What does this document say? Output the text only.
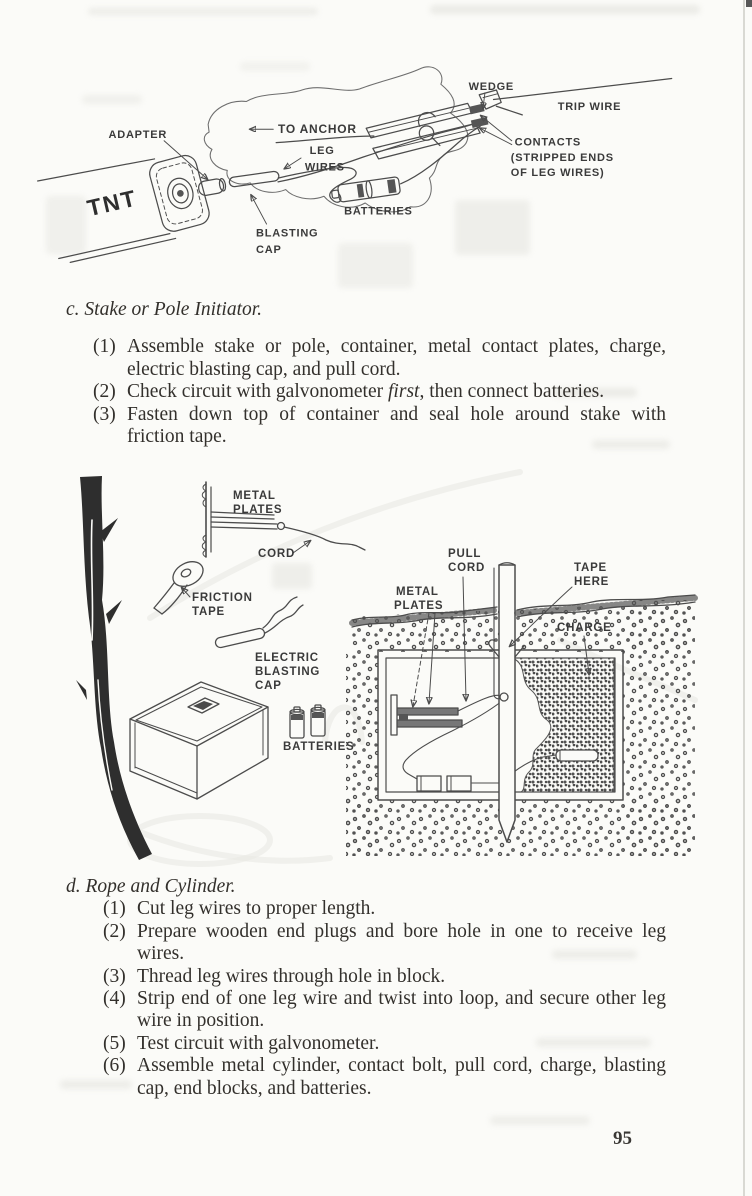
TNT
ADAPTER	TO ANCHOR
LEG
WIRES
WEDGE
TRIP WIRE
CONTACTS
(STRIPPED ENDS
OF LEG WIRES)
BATTERIES
BLASTING
CAP
c. Stake or Pole Initiator.
(1) Assemble stake or pole, container, metal contact plates, charge, electric blasting cap, and pull cord.
(2) Check circuit with galvonometer first, then connect batteries.
(3) Fasten down top of container and seal hole around stake with friction tape.
METAL
PLATES
CORD
FRICTION
TAPE
ELECTRIC
BLASTING
CAP
BATTERIES
PULL
CORD	TAPE
HERE
METAL
PLATES
CHARGE
d. Rope and Cylinder.
(1) Cut leg wires to proper length.
(2) Prepare wooden end plugs and bore hole in one to receive leg wires.
(3) Thread leg wires through hole in block.
(4) Strip end of one leg wire and twist into loop, and secure other leg wire in position.
(5) Test circuit with galvonometer.
(6) Assemble metal cylinder, contact bolt, pull cord, charge, blasting cap, end blocks, and batteries.
95
